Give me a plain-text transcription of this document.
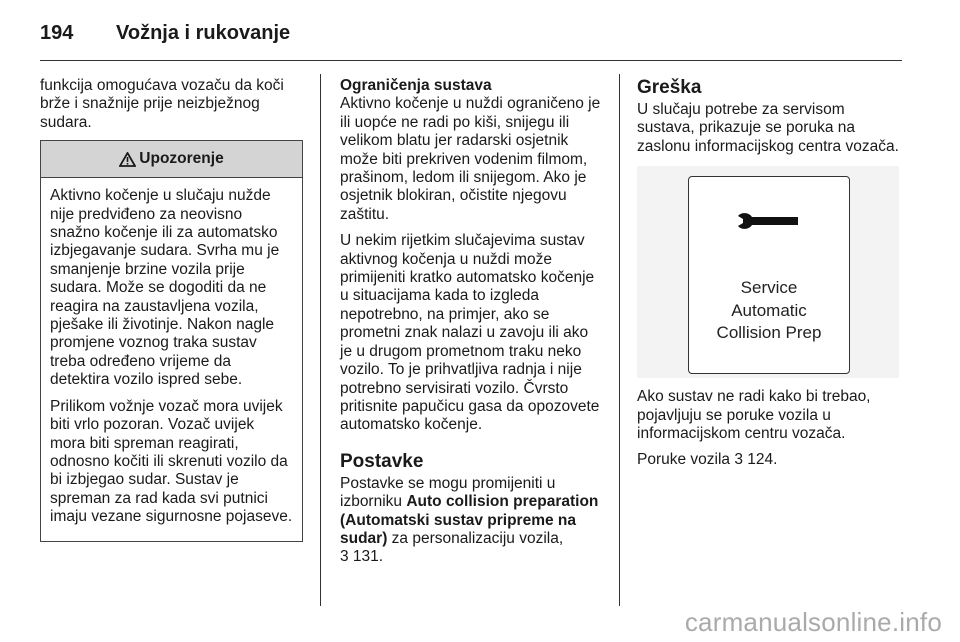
194	Vožnja i rukovanje

funkcija omogućava vozaču da koči brže i snažnije prije neizbježnog sudara.

Upozorenje

Aktivno kočenje u slučaju nužde nije predviđeno za neovisno snažno kočenje ili za automatsko izbjegavanje sudara. Svrha mu je smanjenje brzine vozila prije sudara. Može se dogoditi da ne reagira na zaustavljena vozila, pješake ili životinje. Nakon nagle promjene voznog traka sustav treba određeno vrijeme da detektira vozilo ispred sebe.

Prilikom vožnje vozač mora uvijek biti vrlo pozoran. Vozač uvijek mora biti spreman reagirati, odnosno kočiti ili skrenuti vozilo da bi izbjegao sudar. Sustav je spreman za rad kada svi putnici imaju vezane sigurnosne pojaseve.

Ograničenja sustava

Aktivno kočenje u nuždi ograničeno je ili uopće ne radi po kiši, snijegu ili velikom blatu jer radarski osjetnik može biti prekriven vodenim filmom, prašinom, ledom ili snijegom. Ako je osjetnik blokiran, očistite njegovu zaštitu.

U nekim rijetkim slučajevima sustav aktivnog kočenja u nuždi može primijeniti kratko automatsko kočenje u situacijama kada to izgleda nepotrebno, na primjer, ako se prometni znak nalazi u zavoju ili ako je u drugom prometnom traku neko vozilo. To je prihvatljiva radnja i nije potrebno servisirati vozilo. Čvrsto pritisnite papučicu gasa da opozovete automatsko kočenje.

Postavke

Postavke se mogu promijeniti u izborniku Auto collision preparation (Automatski sustav pripreme na sudar) za personalizaciju vozila,
3 131.

Greška

U slučaju potrebe za servisom sustava, prikazuje se poruka na zaslonu informacijskog centra vozača.

Service
Automatic
Collision Prep

Ako sustav ne radi kako bi trebao, pojavljuju se poruke vozila u informacijskom centru vozača.

Poruke vozila 3 124.

carmanualsonline.info
